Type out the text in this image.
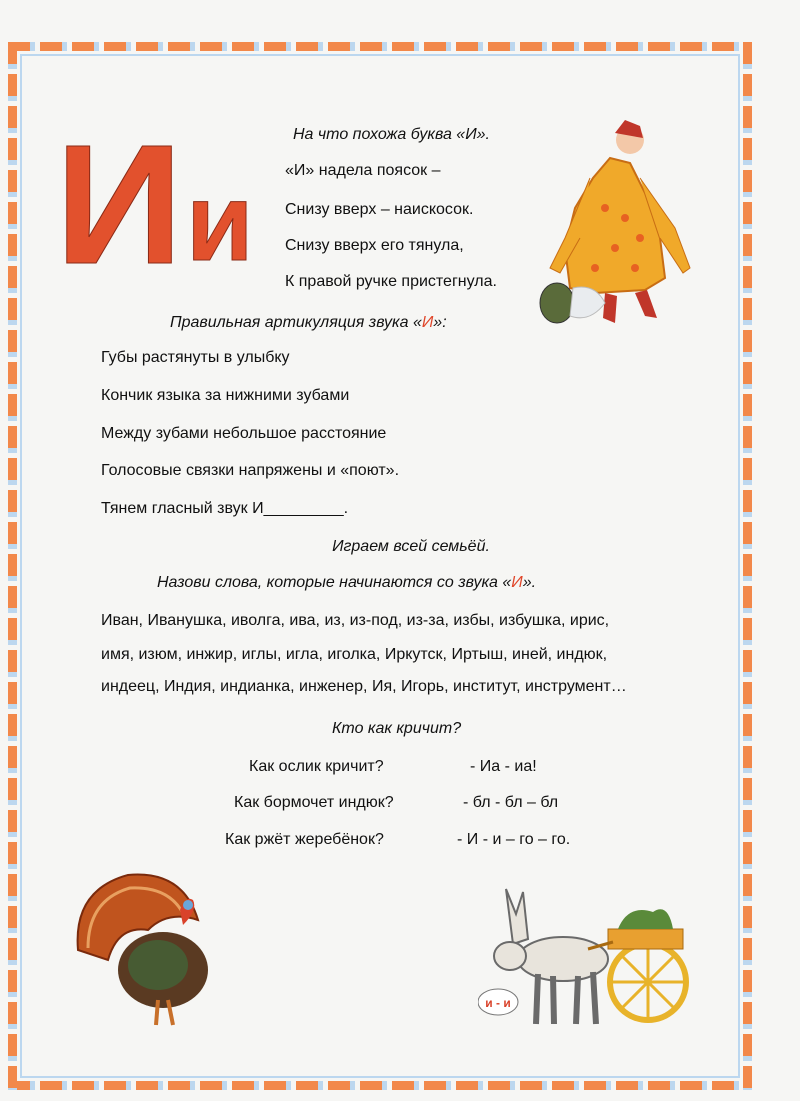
И и
На что похожа буква «И».
«И» надела поясок –
Снизу вверх – наискосок.
Снизу вверх его тянула,
К правой ручке пристегнула.
Правильная артикуляция звука «И»:
Губы растянуты в улыбку
Кончик языка за нижними зубами
Между зубами небольшое расстояние
Голосовые связки напряжены и «поют».
Тянем гласный звук И_________.
Играем всей семьёй.
Назови слова, которые начинаются со звука «И».
Иван, Иванушка, иволга, ива, из, из-под, из-за, избы, избушка, ирис,
имя, изюм, инжир, иглы, игла, иголка, Иркутск, Иртыш, иней, индюк,
индеец, Индия, индианка, инженер, Ия, Игорь, институт, инструмент…
Кто как кричит?
Как ослик кричит?	- Иа - иа!
Как бормочет индюк?	- бл - бл – бл
Как ржёт жеребёнок?	- И - и – го – го.
и - и
